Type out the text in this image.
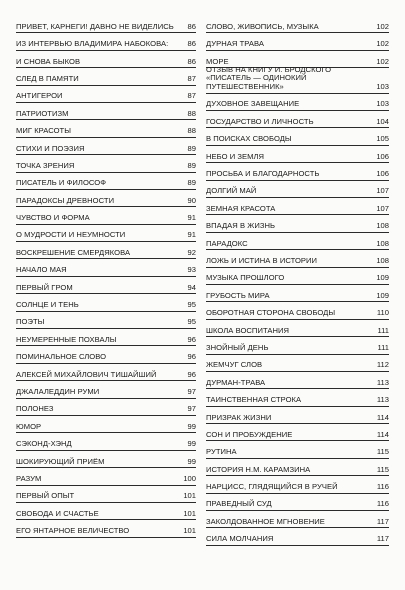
ПРИВЕТ, КАРНЕГИ! ДАВНО НЕ ВИДЕЛИСЬ	86
ИЗ ИНТЕРВЬЮ ВЛАДИМИРА НАБОКОВА:	86
И СНОВА БЫКОВ	86
СЛЕД В ПАМЯТИ	87
АНТИГЕРОИ	87
ПАТРИОТИЗМ	88
МИГ КРАСОТЫ	88
СТИХИ И ПОЭЗИЯ	89
ТОЧКА ЗРЕНИЯ	89
ПИСАТЕЛЬ И ФИЛОСОФ	89
ПАРАДОКСЫ ДРЕВНОСТИ	90
ЧУВСТВО И ФОРМА	91
О МУДРОСТИ И НЕУМНОСТИ	91
ВОСКРЕШЕНИЕ СМЕРДЯКОВА	92
НАЧАЛО МАЯ	93
ПЕРВЫЙ ГРОМ	94
СОЛНЦЕ И ТЕНЬ	95
ПОЭТЫ	95
НЕУМЕРЕННЫЕ ПОХВАЛЫ	96
ПОМИНАЛЬНОЕ СЛОВО	96
АЛЕКСЕЙ МИХАЙЛОВИЧ ТИШАЙШИЙ	96
ДЖАЛАЛЕДДИН РУМИ	97
ПОЛОНЕЗ	97
ЮМОР	99
СЭКОНД-ХЭНД	99
ШОКИРУЮЩИЙ ПРИЁМ	99
РАЗУМ	100
ПЕРВЫЙ ОПЫТ	101
СВОБОДА И СЧАСТЬЕ	101
ЕГО ЯНТАРНОЕ ВЕЛИЧЕСТВО	101
СЛОВО, ЖИВОПИСЬ, МУЗЫКА	102
ДУРНАЯ ТРАВА	102
МОРЕ	102
ОТЗЫВ НА КНИГУ И. БРОДСКОГО «ПИСАТЕЛЬ — ОДИНОКИЙ ПУТЕШЕСТВЕННИК»	103
ДУХОВНОЕ ЗАВЕЩАНИЕ	103
ГОСУДАРСТВО И ЛИЧНОСТЬ	104
В ПОИСКАХ СВОБОДЫ	105
НЕБО И ЗЕМЛЯ	106
ПРОСЬБА И БЛАГОДАРНОСТЬ	106
ДОЛГИЙ МАЙ	107
ЗЕМНАЯ КРАСОТА	107
ВПАДАЯ В ЖИЗНЬ	108
ПАРАДОКС	108
ЛОЖЬ И ИСТИНА В ИСТОРИИ	108
МУЗЫКА ПРОШЛОГО	109
ГРУБОСТЬ МИРА	109
ОБОРОТНАЯ СТОРОНА СВОБОДЫ	110
ШКОЛА ВОСПИТАНИЯ	111
ЗНОЙНЫЙ ДЕНЬ	111
ЖЕМЧУГ СЛОВ	112
ДУРМАН-ТРАВА	113
ТАИНСТВЕННАЯ СТРОКА	113
ПРИЗРАК ЖИЗНИ	114
СОН И ПРОБУЖДЕНИЕ	114
РУТИНА	115
ИСТОРИЯ Н.М. КАРАМЗИНА	115
НАРЦИСС, ГЛЯДЯЩИЙСЯ В РУЧЕЙ	116
ПРАВЕДНЫЙ СУД	116
ЗАКОЛДОВАННОЕ МГНОВЕНИЕ	117
СИЛА МОЛЧАНИЯ	117
